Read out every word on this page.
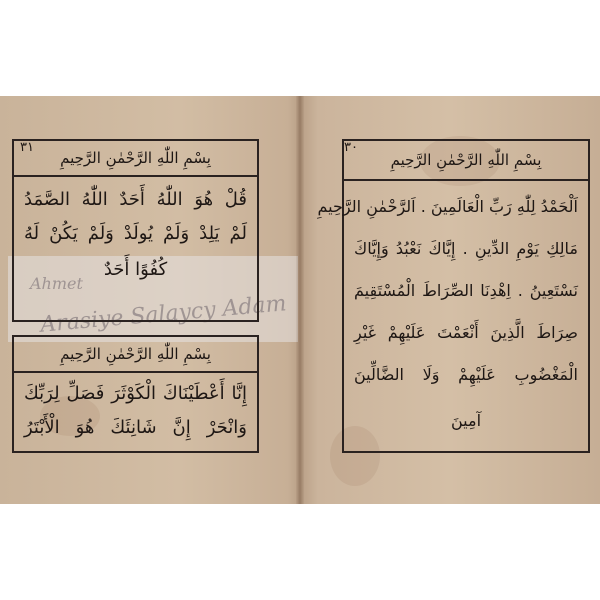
٣١
Ahmet
Arasiye Salaycy Adam
بِسْمِ اللّٰهِ الرَّحْمٰنِ الرَّحِيمِ
قُلْ هُوَ اللّٰهُ أَحَدٌ اللّٰهُ الصَّمَدُ
لَمْ يَلِدْ وَلَمْ يُولَدْ وَلَمْ يَكُنْ لَهُ
كُفُوًا أَحَدٌ
بِسْمِ اللّٰهِ الرَّحْمٰنِ الرَّحِيمِ
إِنَّا أَعْطَيْنَاكَ الْكَوْثَرَ فَصَلِّ لِرَبِّكَ
وَانْحَرْ إِنَّ شَانِئَكَ هُوَ الْأَبْتَرُ
٣٠
بِسْمِ اللّٰهِ الرَّحْمٰنِ الرَّحِيمِ
اَلْحَمْدُ لِلّٰهِ رَبِّ الْعَالَمِينَ . اَلرَّحْمٰنِ الرَّحِيمِ
مَالِكِ يَوْمِ الدِّينِ . إِيَّاكَ نَعْبُدُ وَإِيَّاكَ
نَسْتَعِينُ . اِهْدِنَا الصِّرَاطَ الْمُسْتَقِيمَ
صِرَاطَ الَّذِينَ أَنْعَمْتَ عَلَيْهِمْ غَيْرِ
الْمَغْضُوبِ عَلَيْهِمْ وَلَا الضَّالِّينَ
آمِينَ
